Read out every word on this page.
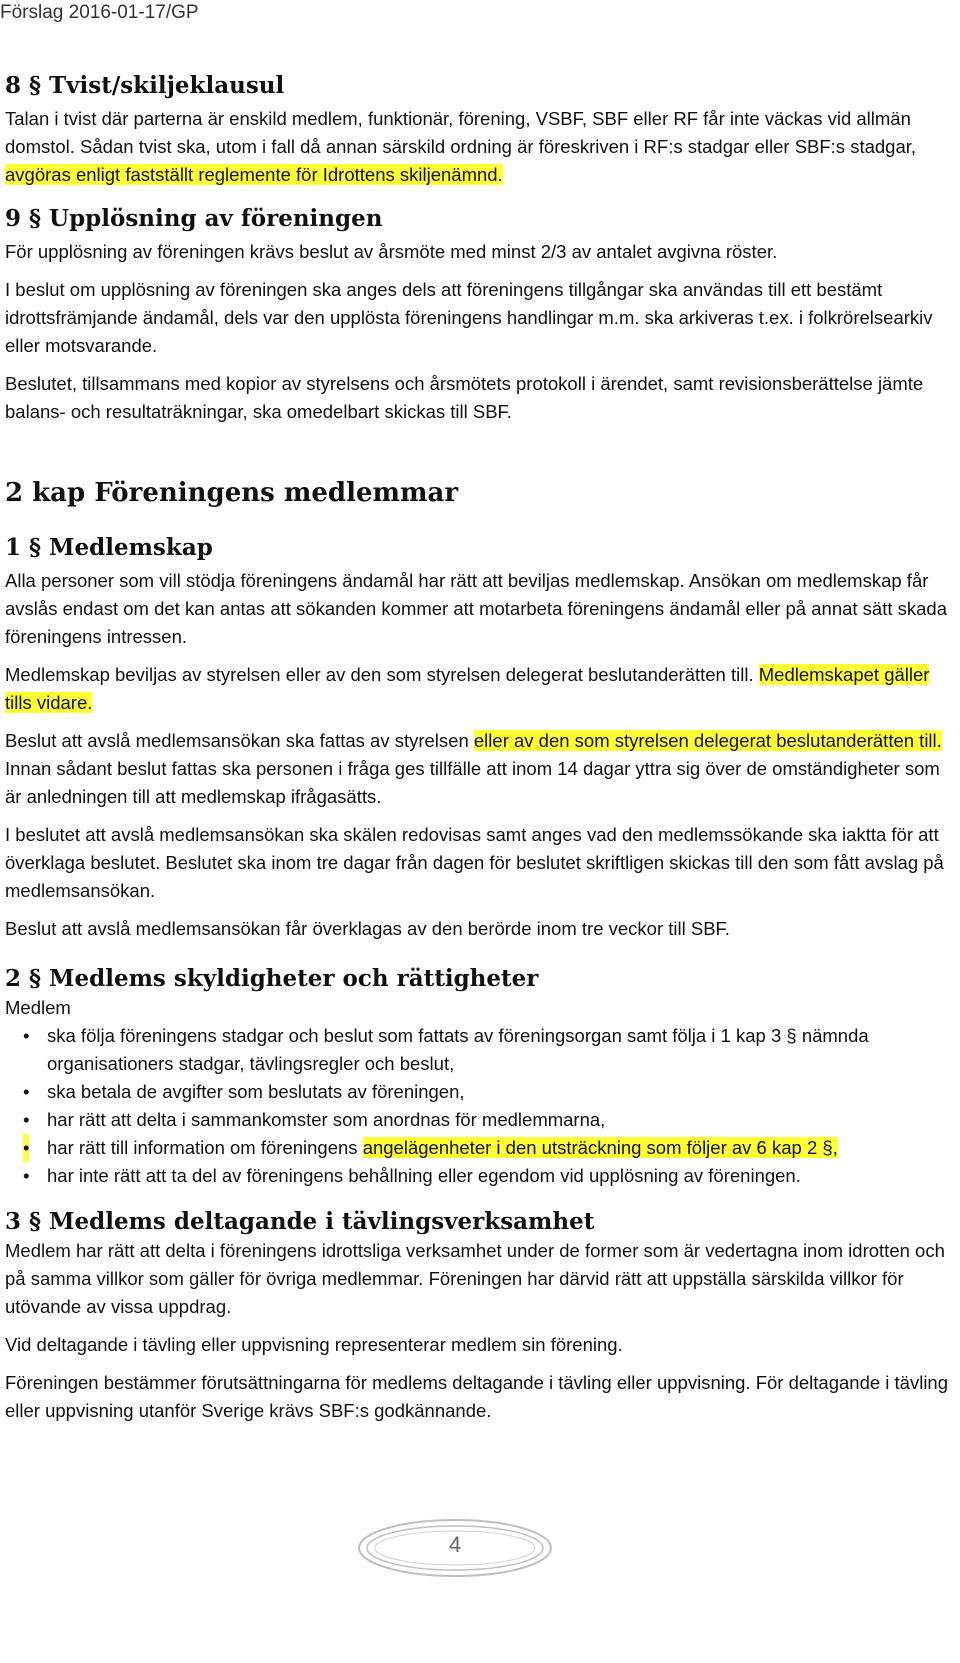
Förslag 2016-01-17/GP
8 § Tvist/skiljeklausul

Talan i tvist där parterna är enskild medlem, funktionär, förening, VSBF, SBF eller RF får inte väckas vid allmän domstol. Sådan tvist ska, utom i fall då annan särskild ordning är föreskriven i RF:s stadgar eller SBF:s stadgar, avgöras enligt fastställt reglemente för Idrottens skiljenämnd.

9 § Upplösning av föreningen

För upplösning av föreningen krävs beslut av årsmöte med minst 2/3 av antalet avgivna röster.

I beslut om upplösning av föreningen ska anges dels att föreningens tillgångar ska användas till ett bestämt idrottsfrämjande ändamål, dels var den upplösta föreningens handlingar m.m. ska arkiveras t.ex. i folkrörelsearkiv eller motsvarande.

Beslutet, tillsammans med kopior av styrelsens och årsmötets protokoll i ärendet, samt revisionsberättelse jämte balans- och resultaträkningar, ska omedelbart skickas till SBF.

2 kap Föreningens medlemmar
1 § Medlemskap

Alla personer som vill stödja föreningens ändamål har rätt att beviljas medlemskap. Ansökan om medlemskap får avslås endast om det kan antas att sökanden kommer att motarbeta föreningens ändamål eller på annat sätt skada föreningens intressen.

Medlemskap beviljas av styrelsen eller av den som styrelsen delegerat beslutanderätten till. Medlemskapet gäller tills vidare.

Beslut att avslå medlemsansökan ska fattas av styrelsen eller av den som styrelsen delegerat beslutanderätten till. Innan sådant beslut fattas ska personen i fråga ges tillfälle att inom 14 dagar yttra sig över de omständigheter som är anledningen till att medlemskap ifrågasätts.

I beslutet att avslå medlemsansökan ska skälen redovisas samt anges vad den medlemssökande ska iaktta för att överklaga beslutet. Beslutet ska inom tre dagar från dagen för beslutet skriftligen skickas till den som fått avslag på medlemsansökan.

Beslut att avslå medlemsansökan får överklagas av den berörde inom tre veckor till SBF.

2 § Medlems skyldigheter och rättigheter

Medlem

• ska följa föreningens stadgar och beslut som fattats av föreningsorgan samt följa i 1 kap 3 § nämnda organisationers stadgar, tävlingsregler och beslut,
• ska betala de avgifter som beslutats av föreningen,
• har rätt att delta i sammankomster som anordnas för medlemmarna,
• har rätt till information om föreningens angelägenheter i den utsträckning som följer av 6 kap 2 §,
• har inte rätt att ta del av föreningens behållning eller egendom vid upplösning av föreningen.
3 § Medlems deltagande i tävlingsverksamhet

Medlem har rätt att delta i föreningens idrottsliga verksamhet under de former som är vedertagna inom idrotten och på samma villkor som gäller för övriga medlemmar. Föreningen har därvid rätt att uppställa särskilda villkor för utövande av vissa uppdrag.

Vid deltagande i tävling eller uppvisning representerar medlem sin förening.

Föreningen bestämmer förutsättningarna för medlems deltagande i tävling eller uppvisning. För deltagande i tävling eller uppvisning utanför Sverige krävs SBF:s godkännande.

4
